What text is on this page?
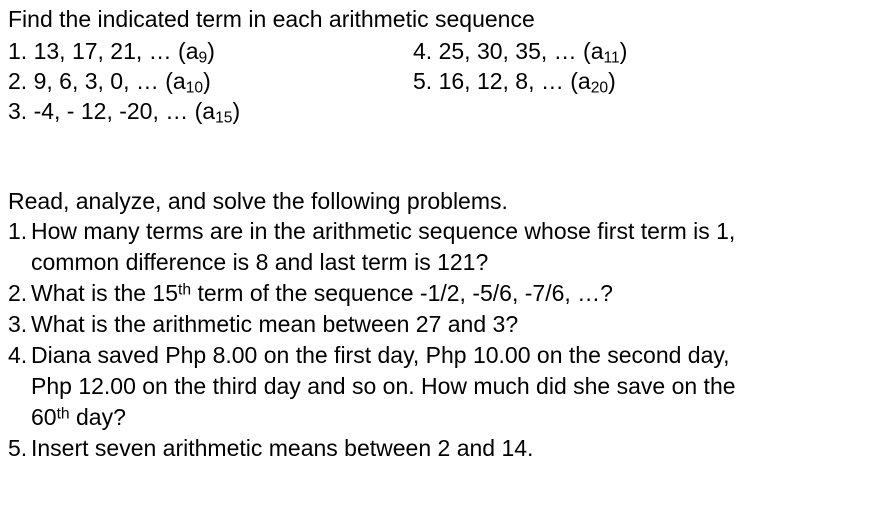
Find the indicated term in each arithmetic sequence
1. 13, 17, 21, … $(a_9)$	4. 25, 30, 35, … $(a_{11})$
2. 9, 6, 3, 0, … $(a_{10})$	5. 16, 12, 8, … $(a_{20})$
3. -4, - 12, -20, … $(a_{15})$
Read, analyze, and solve the following problems.
1. How many terms are in the arithmetic sequence whose first term is 1,
common difference is 8 and last term is 121?
2. What is the 15th term of the sequence -1/2, -5/6, -7/6, …?
3. What is the arithmetic mean between 27 and 3?
4. Diana saved Php 8.00 on the first day, Php 10.00 on the second day,
Php 12.00 on the third day and so on. How much did she save on the
60th day?
5. Insert seven arithmetic means between 2 and 14.
